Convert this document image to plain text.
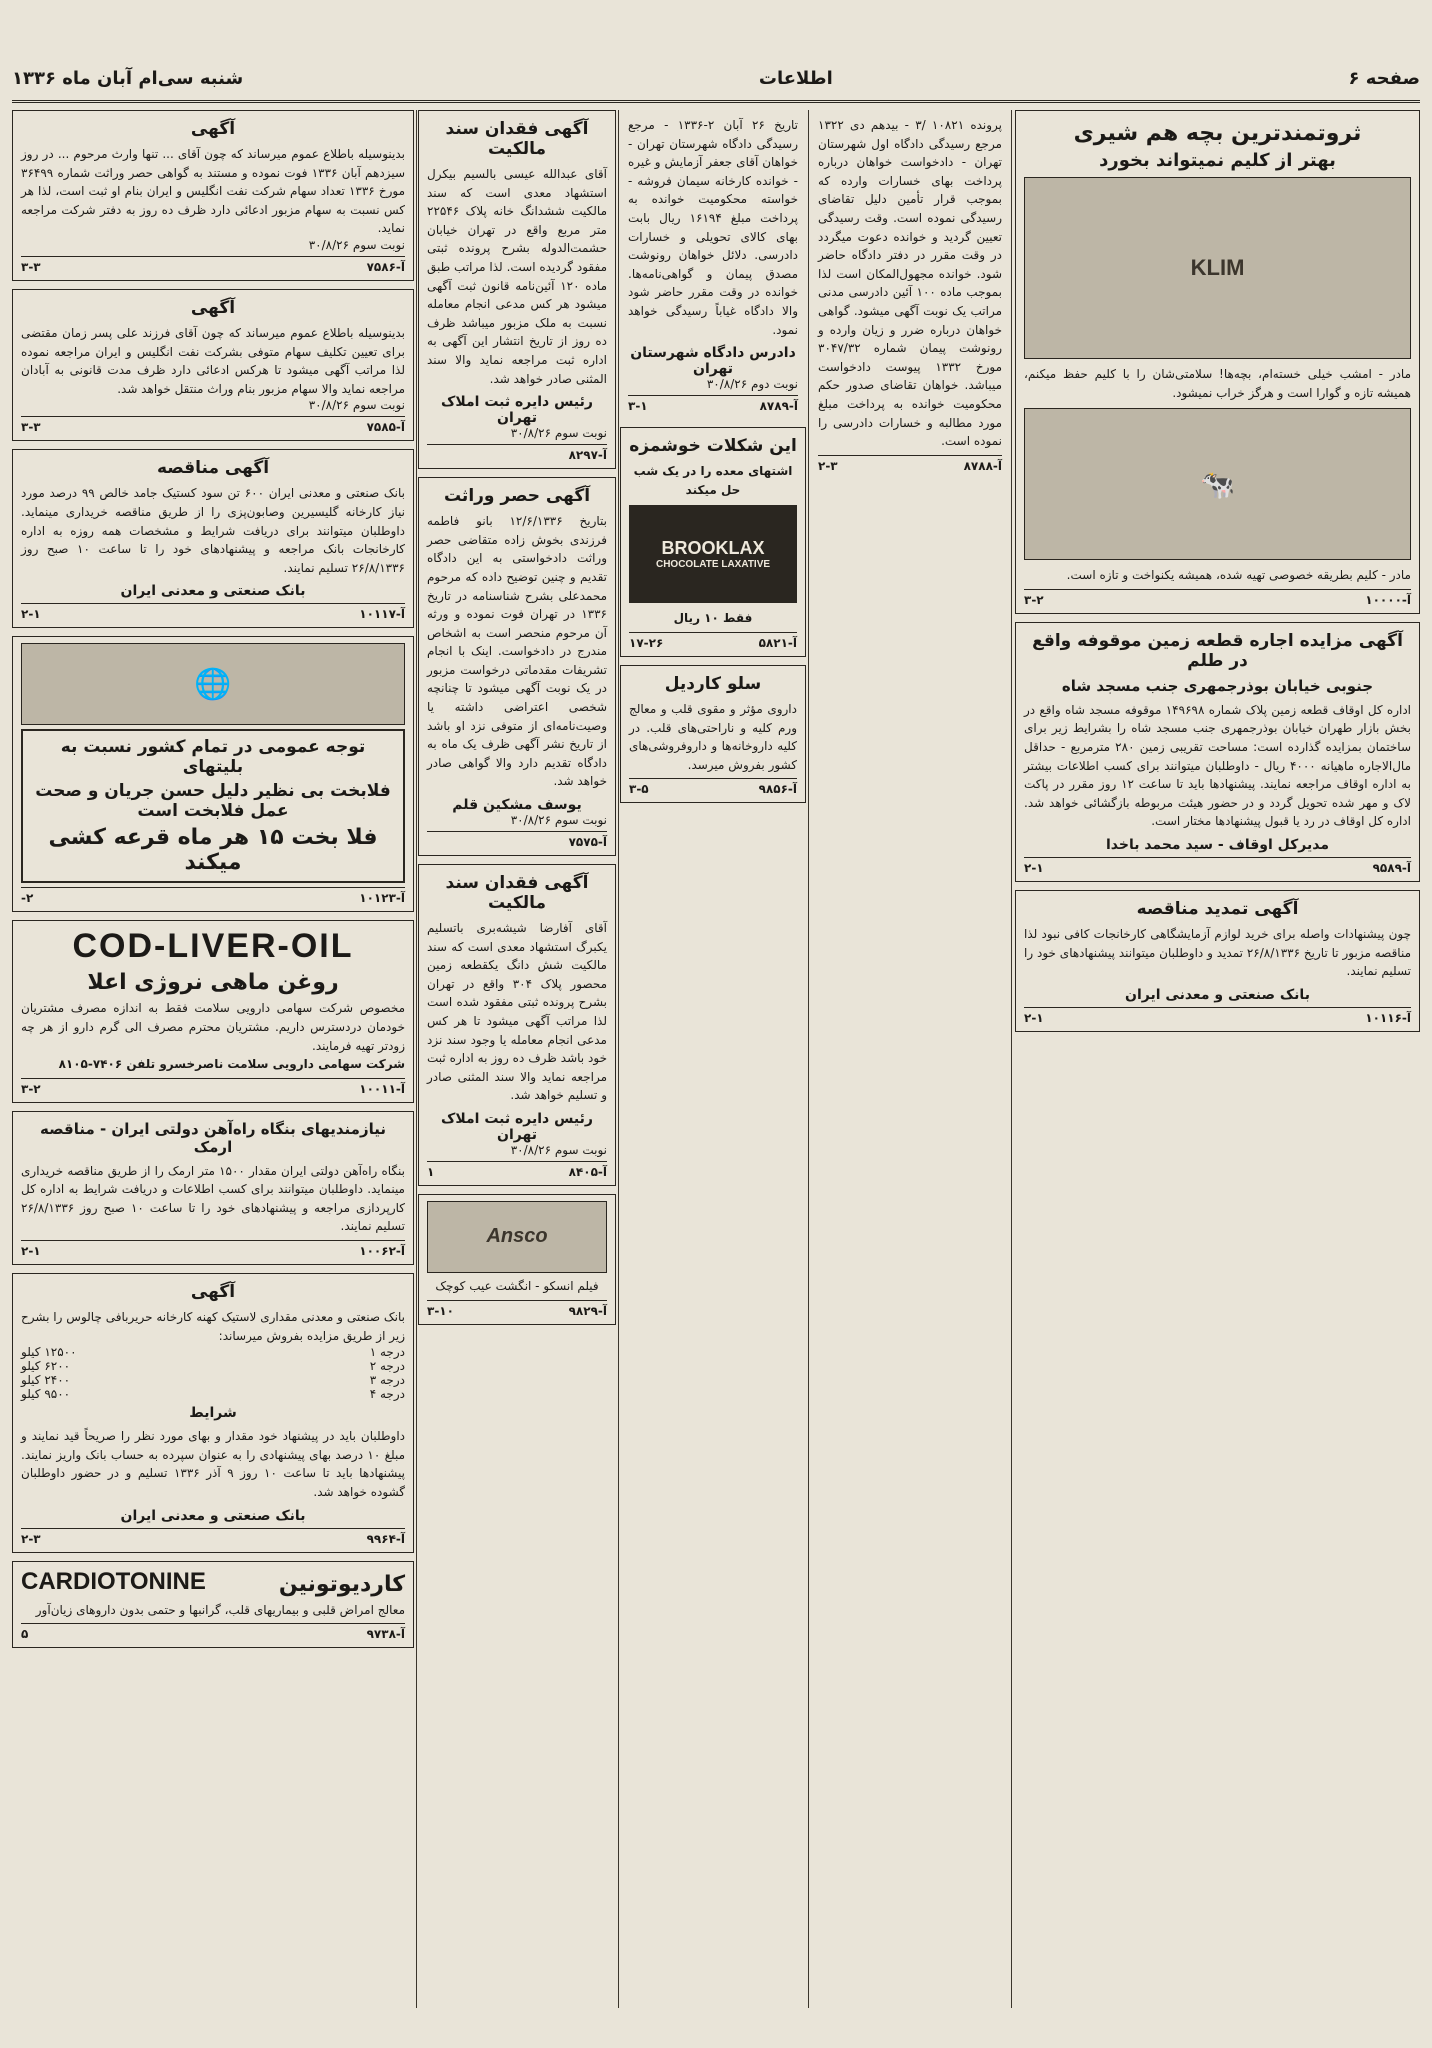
صفحه ۶
اطلاعات
شنبه سی‌ام آبان ماه ۱۳۳۶
ثروتمندترین بچه هم شیری
بهتر از کلیم نمیتواند بخورد
KLIM
مادر - امشب خیلی خسته‌ام، بچه‌ها! سلامتی‌شان را با کلیم حفظ میکنم، همیشه تازه و گوارا است و هرگز خراب نمیشود.
🐄
مادر - کلیم بطریقه خصوصی تهیه شده، همیشه یکنواخت و تازه است.
آ-۱۰۰۰۰
۳-۲
آگهی مزایده اجاره قطعه زمین موقوفه واقع در طلم
جنوبی خیابان بوذرجمهری جنب مسجد شاه
اداره کل اوقاف قطعه زمین پلاک شماره ۱۴۹۶۹۸ موقوفه مسجد شاه واقع در بخش بازار طهران خیابان بوذرجمهری جنب مسجد شاه را بشرایط زیر برای ساختمان بمزایده گذارده است: مساحت تقریبی زمین ۲۸۰ مترمربع - حداقل مال‌الاجاره ماهیانه ۴۰۰۰ ریال - داوطلبان میتوانند برای کسب اطلاعات بیشتر به اداره اوقاف مراجعه نمایند. پیشنهادها باید تا ساعت ۱۲ روز مقرر در پاکت لاک و مهر شده تحویل گردد و در حضور هیئت مربوطه بازگشائی خواهد شد. اداره کل اوقاف در رد یا قبول پیشنهادها مختار است.
مدیرکل اوقاف - سید محمد باخدا
آ-۹۵۸۹
۲-۱
آگهی تمدید مناقصه
چون پیشنهادات واصله برای خرید لوازم آزمایشگاهی کارخانجات کافی نبود لذا مناقصه مزبور تا تاریخ ۲۶/۸/۱۳۳۶ تمدید و داوطلبان میتوانند پیشنهادهای خود را تسلیم نمایند.
بانک صنعتی و معدنی ایران
آ-۱۰۱۱۶
۲-۱
پرونده ۱۰۸۲۱ /۳ - بیدهم دی ۱۳۲۲ مرجع رسیدگی دادگاه اول شهرستان تهران - دادخواست خواهان درباره پرداخت بهای خسارات وارده که بموجب قرار تأمین دلیل تقاضای رسیدگی نموده است. وقت رسیدگی تعیین گردید و خوانده دعوت میگردد در وقت مقرر در دفتر دادگاه حاضر شود. خوانده مجهول‌المکان است لذا بموجب ماده ۱۰۰ آئین دادرسی مدنی مراتب یک نوبت آگهی میشود. گواهی خواهان درباره ضرر و زیان وارده و رونوشت پیمان شماره ۳۰۴۷/۳۲ مورخ ۱۳۳۲ پیوست دادخواست میباشد. خواهان تقاضای صدور حکم محکومیت خوانده به پرداخت مبلغ مورد مطالبه و خسارات دادرسی را نموده است.
آ-۸۷۸۸
۲-۳
تاریخ ۲۶ آبان ۲-۱۳۳۶ - مرجع رسیدگی دادگاه شهرستان تهران - خواهان آقای جعفر آزمایش و غیره - خوانده کارخانه سیمان فروشه - خواسته محکومیت خوانده به پرداخت مبلغ ۱۶۱۹۴ ریال بابت بهای کالای تحویلی و خسارات دادرسی. دلائل خواهان رونوشت مصدق پیمان و گواهی‌نامه‌ها. خوانده در وقت مقرر حاضر شود والا دادگاه غیاباً رسیدگی خواهد نمود.
دادرس دادگاه شهرستان تهران
نوبت دوم ۳۰/۸/۲۶
آ-۸۷۸۹
۳-۱
این شکلات خوشمزه
اشتهای معده را در یک شب
حل میکند
BROOKLAX
CHOCOLATE LAXATIVE
فقط ۱۰ ریال
آ-۵۸۲۱
۱۷-۲۶
سلو کاردیل
داروی مؤثر و مقوی قلب و معالج ورم کلیه و ناراحتی‌های قلب. در کلیه داروخانه‌ها و داروفروشی‌های کشور بفروش میرسد.
آ-۹۸۵۶
۳-۵
آگهی فقدان سند مالکیت
آقای عبدالله عیسی بالسیم بیکرل استشهاد معدی است که سند مالکیت ششدانگ خانه پلاک ۲۲۵۴۶ متر مربع واقع در تهران خیابان حشمت‌الدوله بشرح پرونده ثبتی مفقود گردیده است. لذا مراتب طبق ماده ۱۲۰ آئین‌نامه قانون ثبت آگهی میشود هر کس مدعی انجام معامله نسبت به ملک مزبور میباشد ظرف ده روز از تاریخ انتشار این آگهی به اداره ثبت مراجعه نماید والا سند المثنی صادر خواهد شد.
رئیس دایره ثبت املاک تهران
نوبت سوم ۳۰/۸/۲۶
آ-۸۲۹۷
آگهی حصر وراثت
بتاریخ ۱۲/۶/۱۳۳۶ بانو فاطمه فرزندی بخوش زاده متقاضی حصر وراثت دادخواستی به این دادگاه تقدیم و چنین توضیح داده که مرحوم محمدعلی بشرح شناسنامه در تاریخ ۱۳۳۶ در تهران فوت نموده و ورثه آن مرحوم منحصر است به اشخاص مندرج در دادخواست. اینک با انجام تشریفات مقدماتی درخواست مزبور در یک نوبت آگهی میشود تا چنانچه شخصی اعتراضی داشته یا وصیت‌نامه‌ای از متوفی نزد او باشد از تاریخ نشر آگهی ظرف یک ماه به دادگاه تقدیم دارد والا گواهی صادر خواهد شد.
یوسف مشکین قلم
نوبت سوم ۳۰/۸/۲۶
آ-۷۵۷۵
آگهی فقدان سند مالکیت
آقای آفارضا شیشه‌بری باتسلیم یکبرگ استشهاد معدی است که سند مالکیت شش دانگ یکقطعه زمین محصور پلاک ۳۰۴ واقع در تهران بشرح پرونده ثبتی مفقود شده است لذا مراتب آگهی میشود تا هر کس مدعی انجام معامله یا وجود سند نزد خود باشد ظرف ده روز به اداره ثبت مراجعه نماید والا سند المثنی صادر و تسلیم خواهد شد.
رئیس دایره ثبت املاک تهران
نوبت سوم ۳۰/۸/۲۶
آ-۸۴۰۵
۱
Ansco
فیلم انسکو - انگشت عیب کوچک
آ-۹۸۲۹
۳-۱۰
آگهی
بدینوسیله باطلاع عموم میرساند که چون آقای ... تنها وارث مرحوم ... در روز سیزدهم آبان ۱۳۳۶ فوت نموده و مستند به گواهی حصر وراثت شماره ۳۶۴۹۹ مورخ ۱۳۳۶ تعداد سهام شرکت نفت انگلیس و ایران بنام او ثبت است، لذا هر کس نسبت به سهام مزبور ادعائی دارد ظرف ده روز به دفتر شرکت مراجعه نماید.
نوبت سوم ۳۰/۸/۲۶
آ-۷۵۸۶
۳-۳
آگهی
بدینوسیله باطلاع عموم میرساند که چون آقای فرزند علی پسر زمان مقتضی برای تعیین تکلیف سهام متوفی بشرکت نفت انگلیس و ایران مراجعه نموده لذا مراتب آگهی میشود تا هرکس ادعائی دارد ظرف مدت قانونی به آبادان مراجعه نماید والا سهام مزبور بنام وراث منتقل خواهد شد.
نوبت سوم ۳۰/۸/۲۶
آ-۷۵۸۵
۳-۳
آگهی مناقصه
بانک صنعتی و معدنی ایران ۶۰۰ تن سود کستیک جامد خالص ۹۹ درصد مورد نیاز کارخانه گلیسیرین وصابون‌پزی را از طریق مناقصه خریداری مینماید. داوطلبان میتوانند برای دریافت شرایط و مشخصات همه روزه به اداره کارخانجات بانک مراجعه و پیشنهادهای خود را تا ساعت ۱۰ صبح روز ۲۶/۸/۱۳۳۶ تسلیم نمایند.
بانک صنعتی و معدنی ایران
آ-۱۰۱۱۷
۲-۱
🌐
توجه عمومی در تمام کشور نسبت به بلیتهای
فلابخت بی نظیر دلیل حسن جریان و صحت عمل فلابخت است
فلا بخت ۱۵ هر ماه قرعه کشی میکند
آ-۱۰۱۲۳
۲-
COD-LIVER-OIL
روغن ماهی نروژی اعلا
مخصوص شرکت سهامی دارویی سلامت فقط به اندازه مصرف مشتریان خودمان دردسترس داریم. مشتریان محترم مصرف الی گرم دارو از هر چه زودتر تهیه فرمایند.
شرکت سهامی دارویی سلامت ناصرخسرو تلفن ۷۴۰۶-۸۱۰۵
آ-۱۰۰۱۱
۳-۲
نیازمندیهای بنگاه راه‌آهن دولتی ایران - مناقصه ارمک
بنگاه راه‌آهن دولتی ایران مقدار ۱۵۰۰ متر ارمک را از طریق مناقصه خریداری مینماید. داوطلبان میتوانند برای کسب اطلاعات و دریافت شرایط به اداره کل کارپردازی مراجعه و پیشنهادهای خود را تا ساعت ۱۰ صبح روز ۲۶/۸/۱۳۳۶ تسلیم نمایند.
آ-۱۰۰۶۲
۲-۱
آگهی
بانک صنعتی و معدنی مقداری لاستیک کهنه کارخانه حریربافی چالوس را بشرح زیر از طریق مزایده بفروش میرساند:
درجه ۱
۱۲۵۰۰ کیلو
درجه ۲
۶۲۰۰ کیلو
درجه ۳
۲۴۰۰ کیلو
درجه ۴
۹۵۰۰ کیلو
شرایط
داوطلبان باید در پیشنهاد خود مقدار و بهای مورد نظر را صریحاً قید نمایند و مبلغ ۱۰ درصد بهای پیشنهادی را به عنوان سپرده به حساب بانک واریز نمایند. پیشنهادها باید تا ساعت ۱۰ روز ۹ آذر ۱۳۳۶ تسلیم و در حضور داوطلبان گشوده خواهد شد.
بانک صنعتی و معدنی ایران
آ-۹۹۶۴
۲-۳
کاردیوتونین
CARDIOTONINE
معالج امراض قلبی و بیماریهای قلب، گرانبها و حتمی بدون داروهای زیان‌آور
آ-۹۷۳۸
۵
